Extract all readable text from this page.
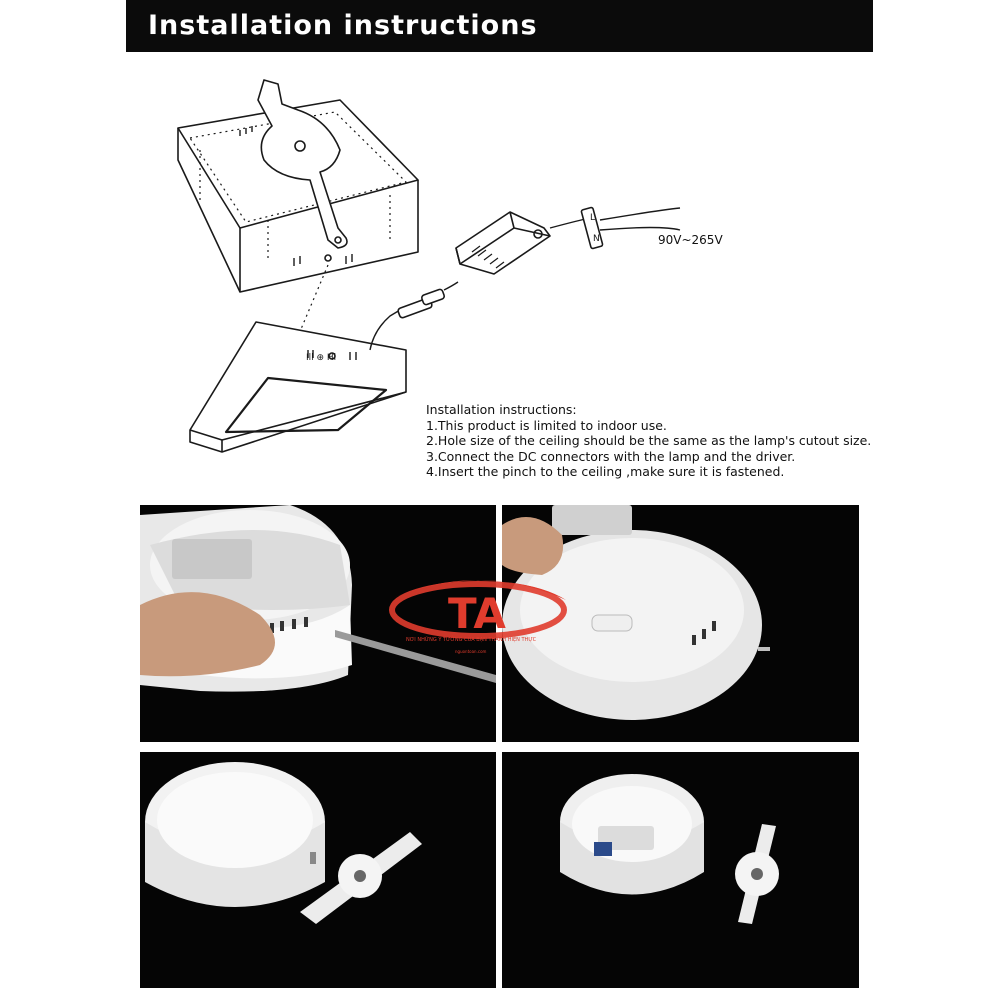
Installation instructions
L
N
Ill ⊕ Hl
90V~265V
Installation instructions:
1.This product is limited to indoor use.
2.Hole size of the ceiling should be the same as the lamp's cutout size.
3.Connect the DC connectors with the lamp and the driver.
4.Insert the pinch to the ceiling ,make sure it is fastened.
TA
NƠI NHỮNG Ý TƯỞNG CỦA BẠN THÀNH HIỆN THỰC
nguontoan.com
